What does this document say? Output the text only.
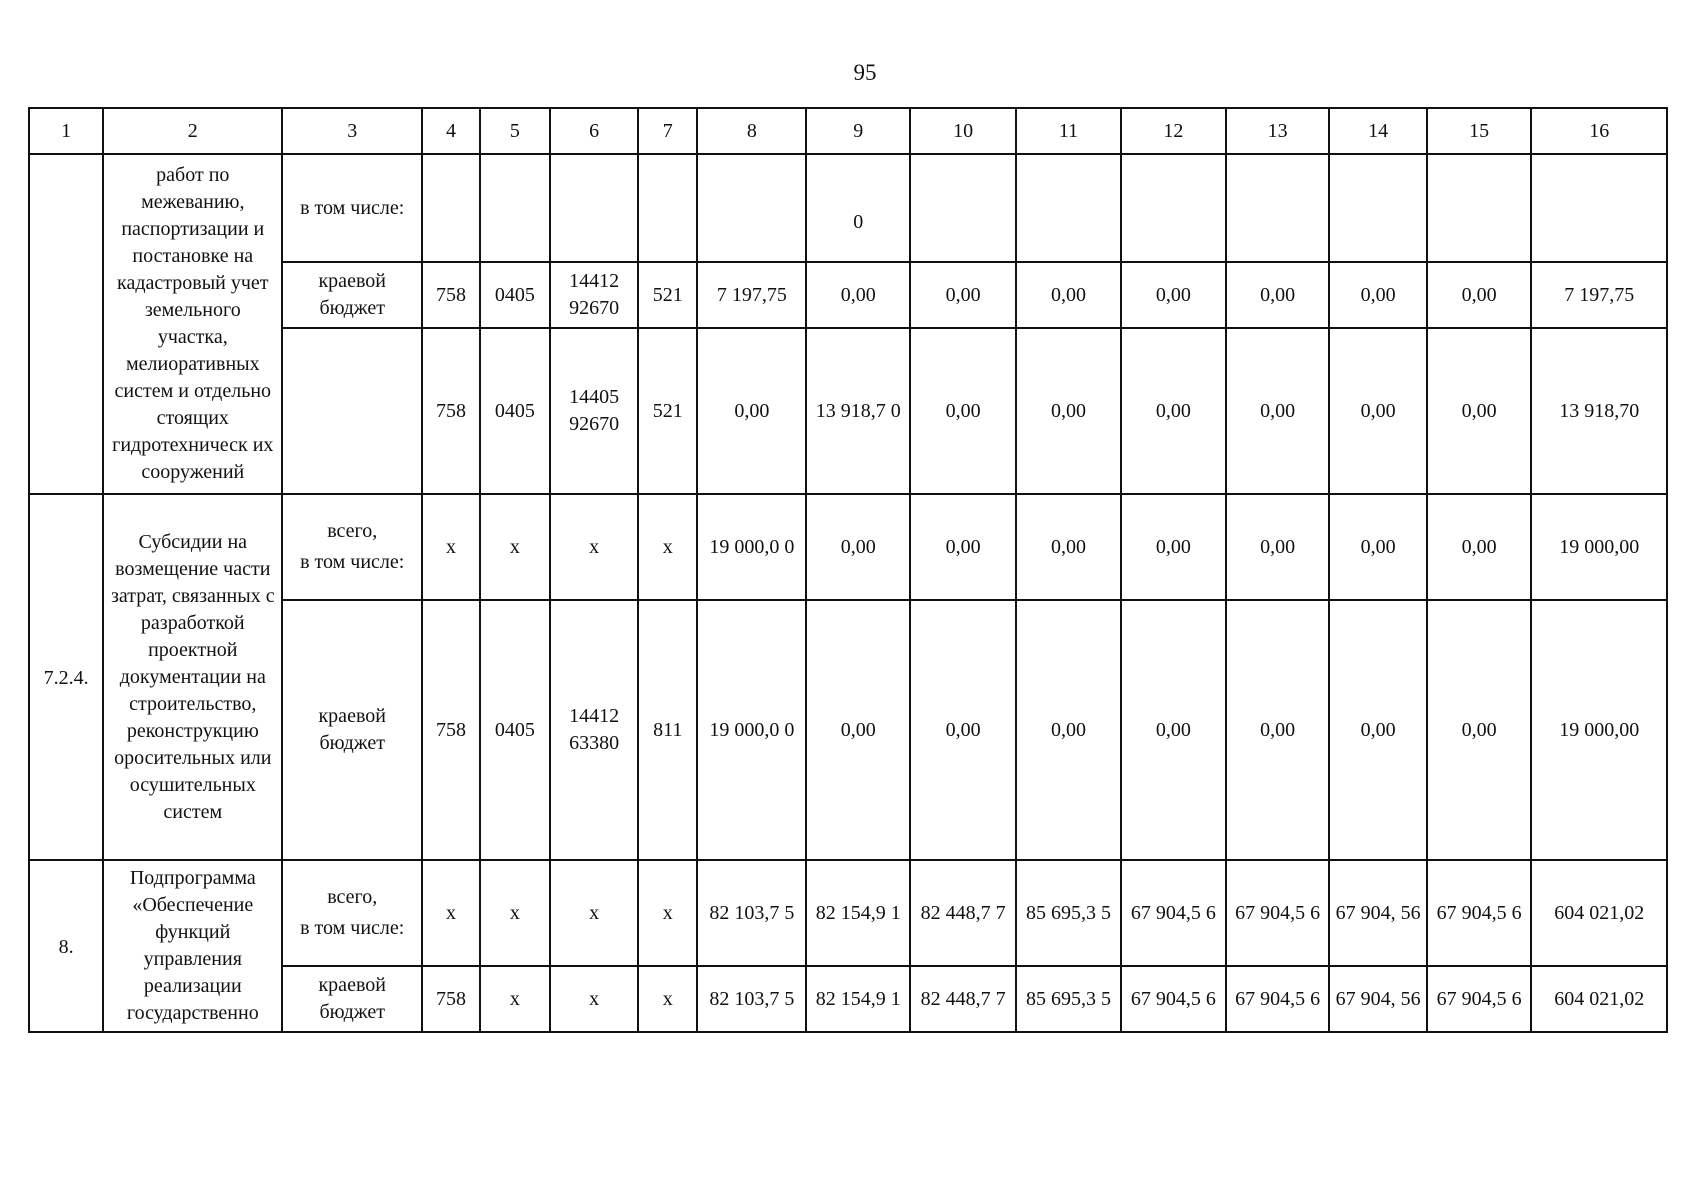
95
1	2	3	4	5	6	7	8	9	10	11	12	13	14	15	16
	работ по межеванию, паспортизации и постановке на кадастровый учет земельного участка, мелиоративных систем и отдельно стоящих гидротехническ их сооружений	в том числе:						0							
		краевой бюджет	758	0405	14412 92670	521	7 197,75	0,00	0,00	0,00	0,00	0,00	0,00	0,00	7 197,75
			758	0405	14405 92670	521	0,00	13 918,7 0	0,00	0,00	0,00	0,00	0,00	0,00	13 918,70
7.2.4.	Субсидии на возмещение части затрат, связанных с разработкой проектной документации на строительство, реконструкцию оросительных или осушительных систем	всего,
в том числе:	x	x	x	x	19 000,0 0	0,00	0,00	0,00	0,00	0,00	0,00	0,00	19 000,00
		краевой бюджет	758	0405	14412 63380	811	19 000,0 0	0,00	0,00	0,00	0,00	0,00	0,00	0,00	19 000,00
8.	Подпрограмма «Обеспечение функций управления реализации государственно	всего,
в том числе:	x	x	x	x	82 103,7 5	82 154,9 1	82 448,7 7	85 695,3 5	67 904,5 6	67 904,5 6	67 904, 56	67 904,5 6	604 021,02
		краевой бюджет	758	x	x	x	82 103,7 5	82 154,9 1	82 448,7 7	85 695,3 5	67 904,5 6	67 904,5 6	67 904, 56	67 904,5 6	604 021,02
